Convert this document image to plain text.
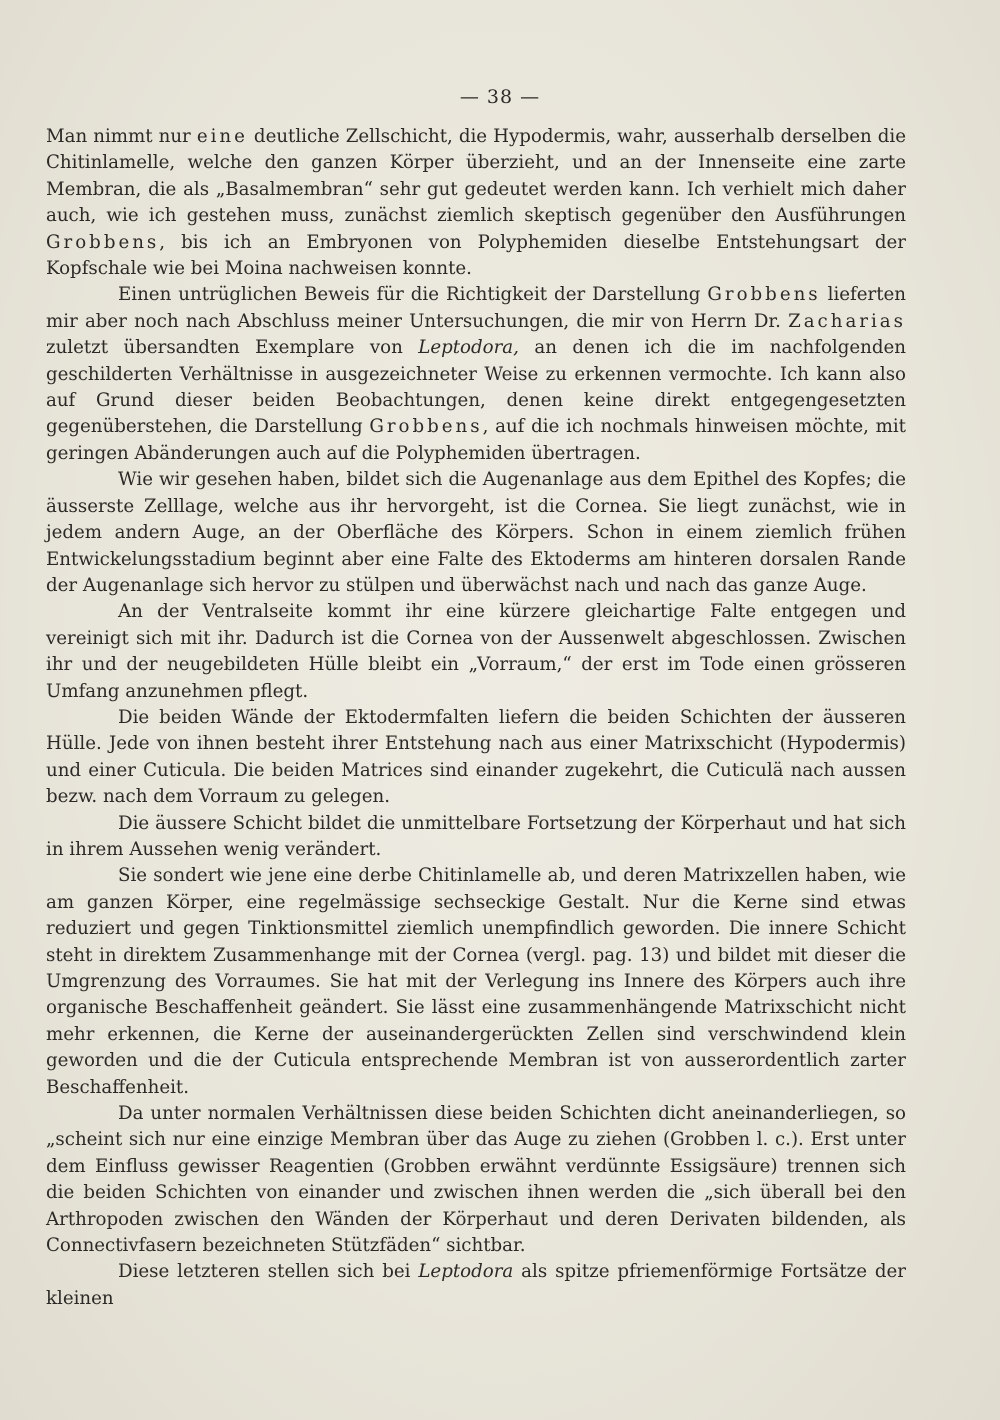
— 38 —

Man nimmt nur eine deutliche Zellschicht, die Hypodermis, wahr, ausserhalb derselben die Chitinlamelle, welche den ganzen Körper überzieht, und an der Innenseite eine zarte Membran, die als „Basalmembran“ sehr gut gedeutet werden kann. Ich verhielt mich daher auch, wie ich gestehen muss, zunächst ziemlich skeptisch gegenüber den Ausführungen Grobbens, bis ich an Embryonen von Polyphemiden dieselbe Entstehungsart der Kopfschale wie bei Moina nachweisen konnte.

Einen untrüglichen Beweis für die Richtigkeit der Darstellung Grobbens lieferten mir aber noch nach Abschluss meiner Untersuchungen, die mir von Herrn Dr. Zacharias zuletzt übersandten Exemplare von Leptodora, an denen ich die im nachfolgenden geschilderten Verhältnisse in ausgezeichneter Weise zu erkennen vermochte. Ich kann also auf Grund dieser beiden Beobachtungen, denen keine direkt entgegengesetzten gegenüberstehen, die Darstellung Grobbens, auf die ich nochmals hinweisen möchte, mit geringen Abänderungen auch auf die Polyphemiden übertragen.

Wie wir gesehen haben, bildet sich die Augenanlage aus dem Epithel des Kopfes; die äusserste Zelllage, welche aus ihr hervorgeht, ist die Cornea. Sie liegt zunächst, wie in jedem andern Auge, an der Oberfläche des Körpers. Schon in einem ziemlich frühen Entwickelungsstadium beginnt aber eine Falte des Ektoderms am hinteren dorsalen Rande der Augenanlage sich hervor zu stülpen und überwächst nach und nach das ganze Auge.

An der Ventralseite kommt ihr eine kürzere gleichartige Falte entgegen und vereinigt sich mit ihr. Dadurch ist die Cornea von der Aussenwelt abgeschlossen. Zwischen ihr und der neugebildeten Hülle bleibt ein „Vorraum,“ der erst im Tode einen grösseren Umfang anzunehmen pflegt.

Die beiden Wände der Ektodermfalten liefern die beiden Schichten der äusseren Hülle. Jede von ihnen besteht ihrer Entstehung nach aus einer Matrixschicht (Hypodermis) und einer Cuticula. Die beiden Matrices sind einander zugekehrt, die Cuticulä nach aussen bezw. nach dem Vorraum zu gelegen.

Die äussere Schicht bildet die unmittelbare Fortsetzung der Körperhaut und hat sich in ihrem Aussehen wenig verändert.

Sie sondert wie jene eine derbe Chitinlamelle ab, und deren Matrixzellen haben, wie am ganzen Körper, eine regelmässige sechseckige Gestalt. Nur die Kerne sind etwas reduziert und gegen Tinktionsmittel ziemlich unempfindlich geworden. Die innere Schicht steht in direktem Zusammenhange mit der Cornea (vergl. pag. 13) und bildet mit dieser die Umgrenzung des Vorraumes. Sie hat mit der Verlegung ins Innere des Körpers auch ihre organische Beschaffenheit geändert. Sie lässt eine zusammenhängende Matrixschicht nicht mehr erkennen, die Kerne der auseinandergerückten Zellen sind verschwindend klein geworden und die der Cuticula entsprechende Membran ist von ausserordentlich zarter Beschaffenheit.

Da unter normalen Verhältnissen diese beiden Schichten dicht aneinanderliegen, so „scheint sich nur eine einzige Membran über das Auge zu ziehen (Grobben l. c.). Erst unter dem Einfluss gewisser Reagentien (Grobben erwähnt verdünnte Essigsäure) trennen sich die beiden Schichten von einander und zwischen ihnen werden die „sich überall bei den Arthropoden zwischen den Wänden der Körperhaut und deren Derivaten bildenden, als Connectivfasern bezeichneten Stützfäden“ sichtbar.

Diese letzteren stellen sich bei Leptodora als spitze pfriemenförmige Fortsätze der kleinen
